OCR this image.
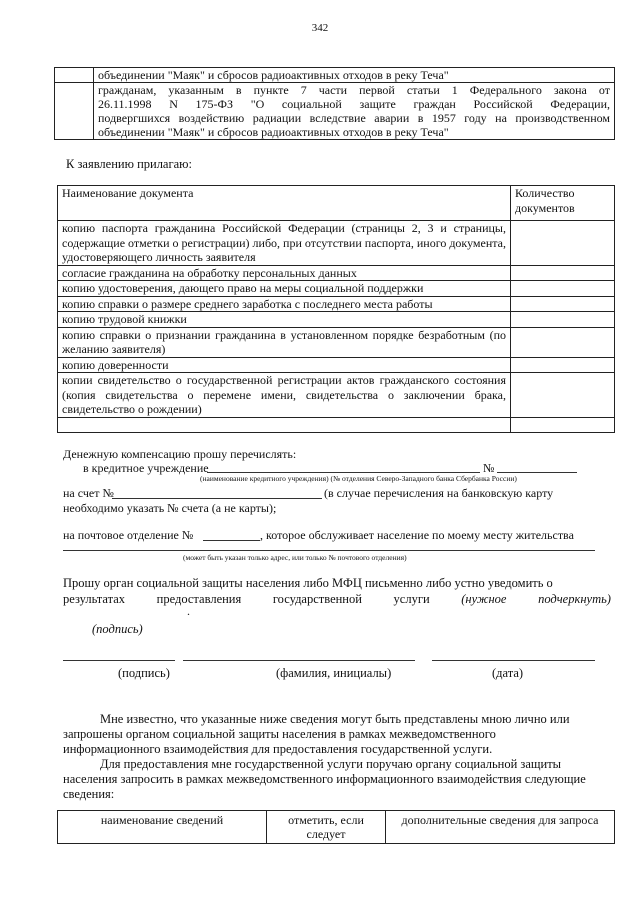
342
	объединении "Маяк" и сбросов радиоактивных отходов в реку Теча"

	гражданам, указанным в пункте 7 части первой статьи 1 Федерального закона от
26.11.1998 N 175-ФЗ "О социальной защите граждан Российской Федерации,
подвергшихся воздействию радиации вследствие аварии в 1957 году на производственном
объединении "Маяк" и сбросов радиоактивных отходов в реку Теча"
К заявлению прилагаю:
Наименование документа	Количество документов
копию паспорта гражданина Российской Федерации (страницы 2, 3 и страницы, содержащие отметки о регистрации) либо, при отсутствии паспорта, иного документа, удостоверяющего личность заявителя	
согласие гражданина на обработку персональных данных	
копию удостоверения, дающего право на меры социальной поддержки	
копию справки о размере среднего заработка с последнего места работы	
копию трудовой книжки	
копию справки о признании гражданина в установленном порядке безработным (по желанию заявителя)	
копию доверенности	
копии свидетельство о государственной регистрации актов гражданского состояния (копия свидетельства о перемене имени, свидетельства о заключении брака, свидетельство о рождении)	

Денежную компенсацию прошу перечислять:
в кредитное учреждение	№
(наименование кредитного учреждения) (№ отделения Северо-Западного банка Сбербанка России)
на счет №	(в случае перечисления на банковскую карту
необходимо указать № счета (а не карты);
на почтовое отделение №	, которое обслуживает население по моему месту жительства
(может быть указан только адрес, или только № почтового отделения)
Прошу орган социальной защиты населения либо МФЦ письменно либо устно уведомить о
результатах	предоставления	государственной	услуги	(нужное	подчеркнуть)
.
(подпись)
(подпись)	(фамилия, инициалы)	(дата)
Мне известно, что указанные ниже сведения могут быть представлены мною лично или
запрошены органом социальной защиты населения в рамках межведомственного
информационного взаимодействия для предоставления государственной услуги.
Для предоставления мне государственной услуги поручаю органу социальной защиты
населения запросить в рамках межведомственного информационного взаимодействия следующие
сведения:
наименование сведений	отметить, если следует	дополнительные сведения для запроса
